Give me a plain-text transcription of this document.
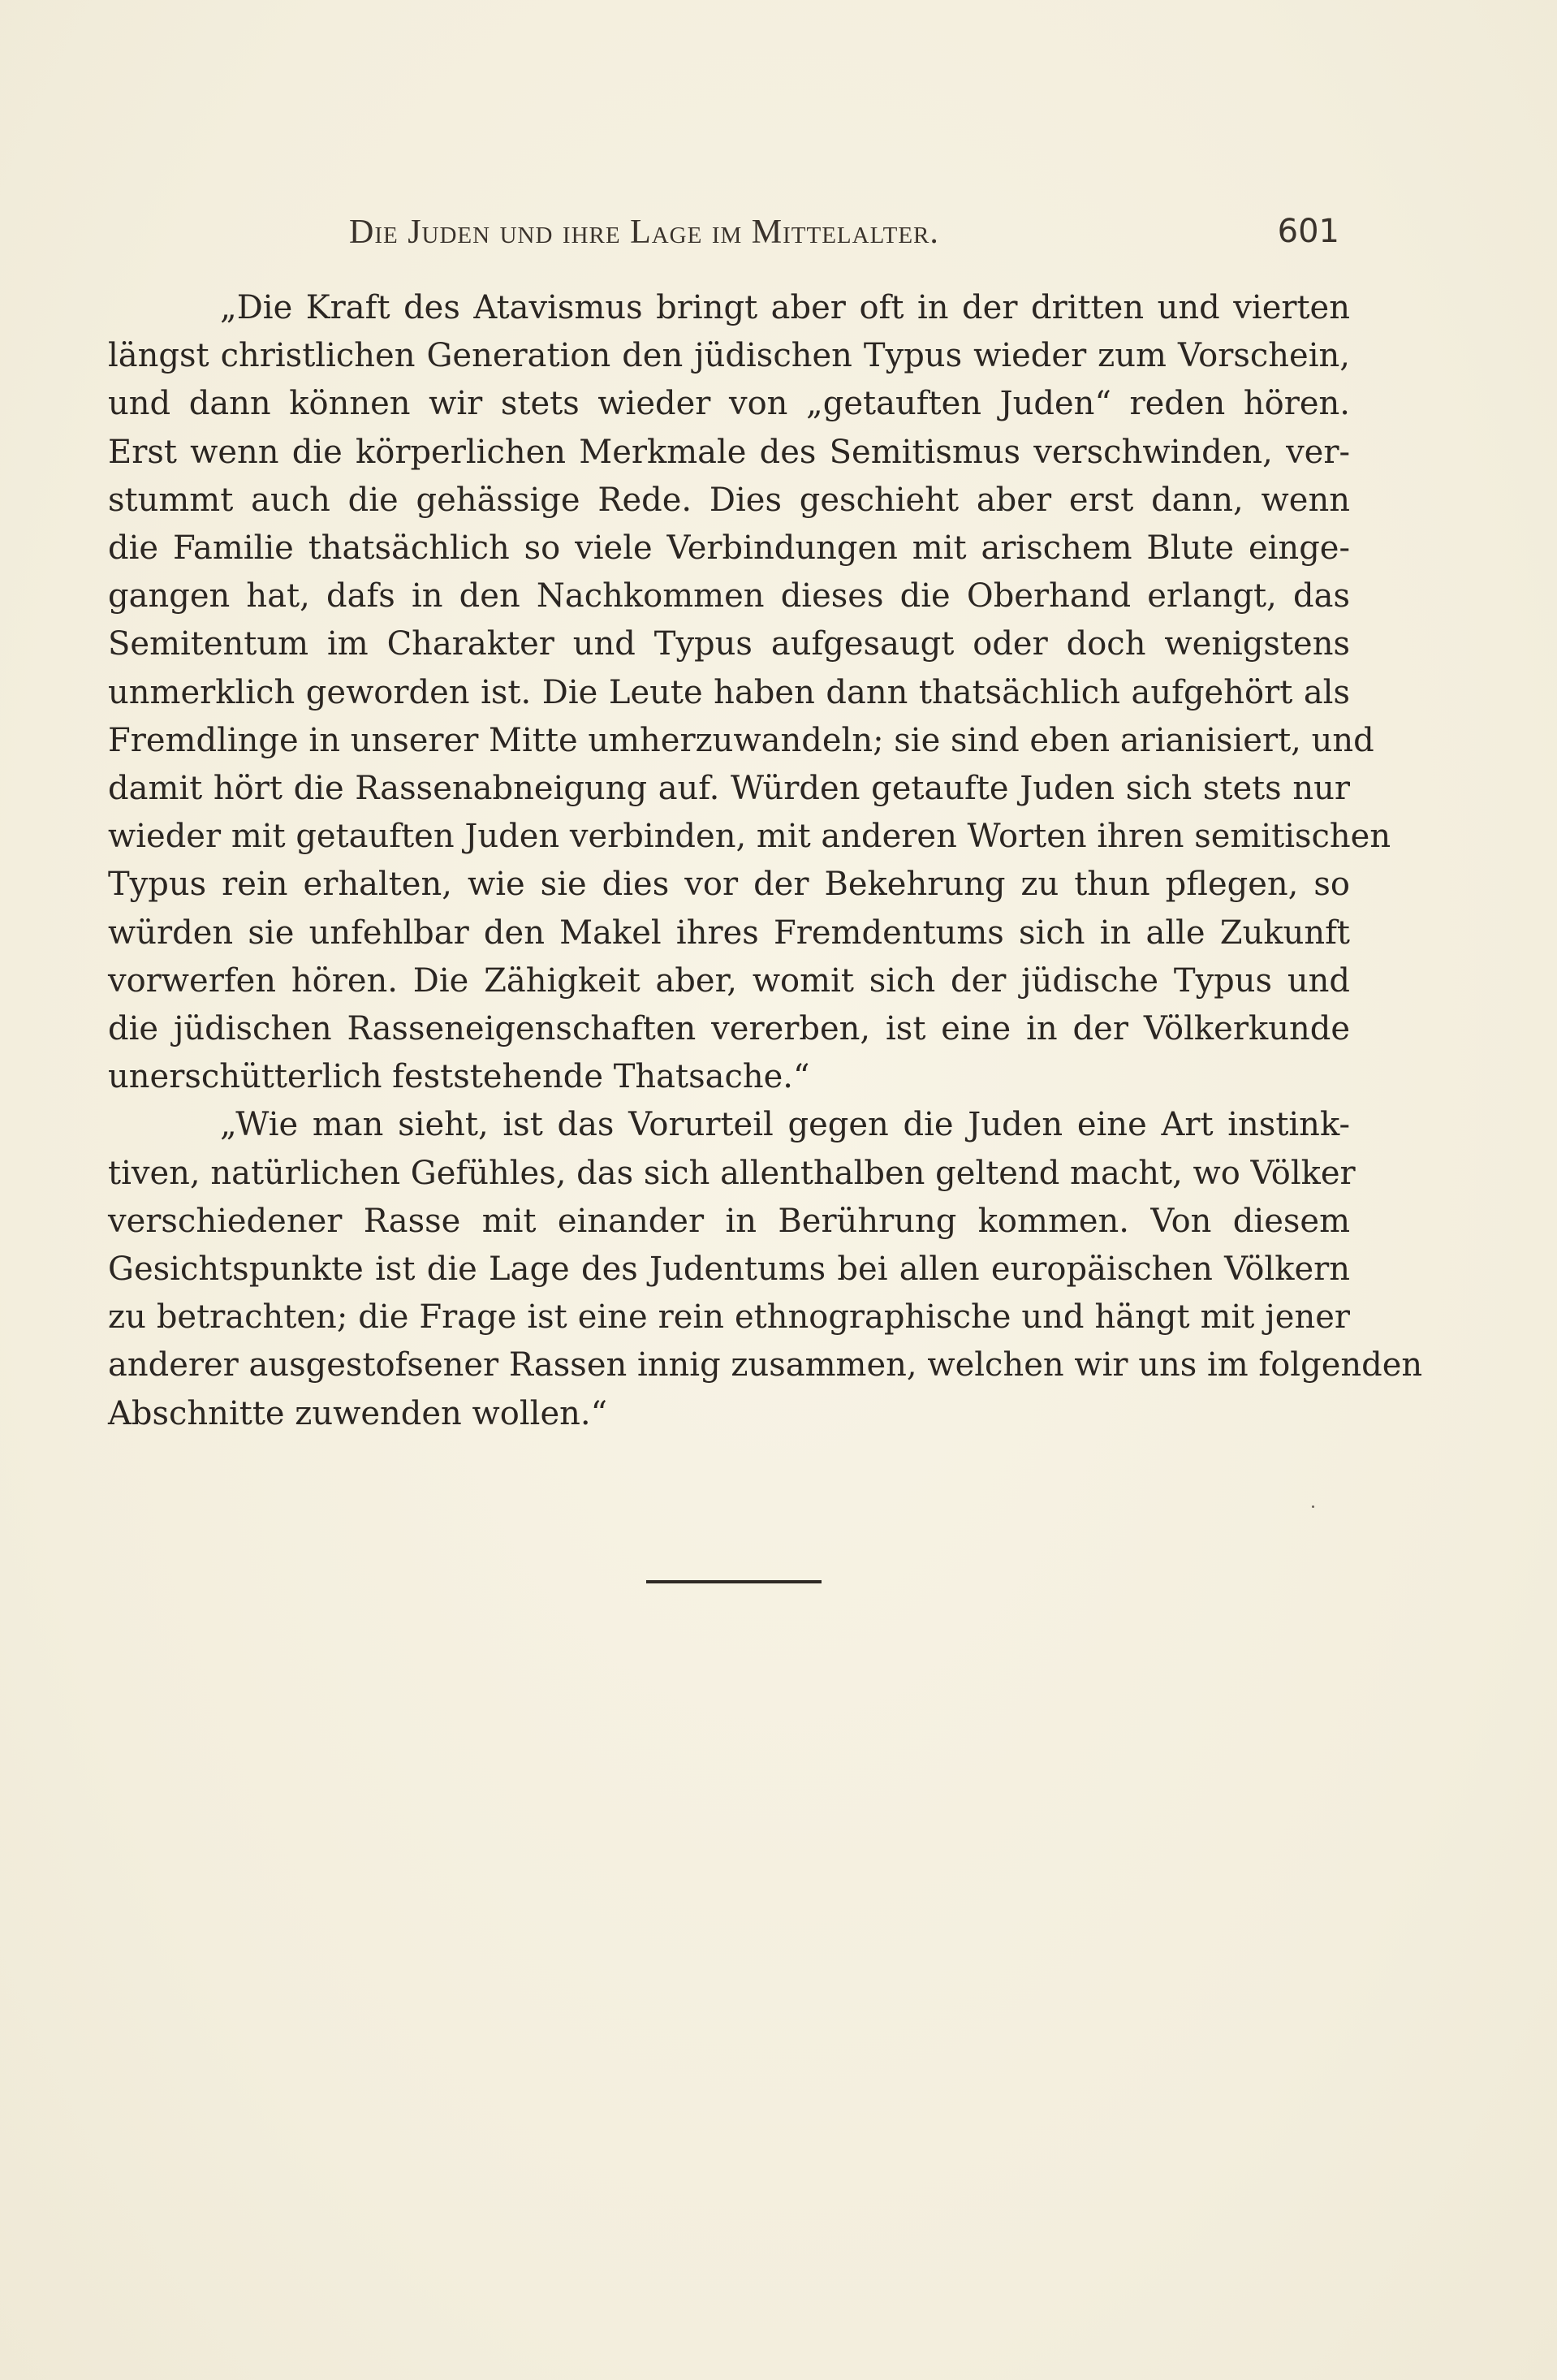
Die Juden und ihre Lage im Mittelalter.	601

„Die Kraft des Atavismus bringt aber oft in der dritten und vierten
längst christlichen Generation den jüdischen Typus wieder zum Vorschein,
und dann können wir stets wieder von „getauften Juden“ reden hören.
Erst wenn die körperlichen Merkmale des Semitismus verschwinden, ver-
stummt auch die gehässige Rede. Dies geschieht aber erst dann, wenn
die Familie thatsächlich so viele Verbindungen mit arischem Blute einge-
gangen hat, dafs in den Nachkommen dieses die Oberhand erlangt, das
Semitentum im Charakter und Typus aufgesaugt oder doch wenigstens
unmerklich geworden ist. Die Leute haben dann thatsächlich aufgehört als
Fremdlinge in unserer Mitte umherzuwandeln; sie sind eben arianisiert, und
damit hört die Rassenabneigung auf. Würden getaufte Juden sich stets nur
wieder mit getauften Juden verbinden, mit anderen Worten ihren semitischen
Typus rein erhalten, wie sie dies vor der Bekehrung zu thun pflegen, so
würden sie unfehlbar den Makel ihres Fremdentums sich in alle Zukunft
vorwerfen hören. Die Zähigkeit aber, womit sich der jüdische Typus und
die jüdischen Rasseneigenschaften vererben, ist eine in der Völkerkunde
unerschütterlich feststehende Thatsache.“

„Wie man sieht, ist das Vorurteil gegen die Juden eine Art instink-
tiven, natürlichen Gefühles, das sich allenthalben geltend macht, wo Völker
verschiedener Rasse mit einander in Berührung kommen. Von diesem
Gesichtspunkte ist die Lage des Judentums bei allen europäischen Völkern
zu betrachten; die Frage ist eine rein ethnographische und hängt mit jener
anderer ausgestofsener Rassen innig zusammen, welchen wir uns im folgenden
Abschnitte zuwenden wollen.“
